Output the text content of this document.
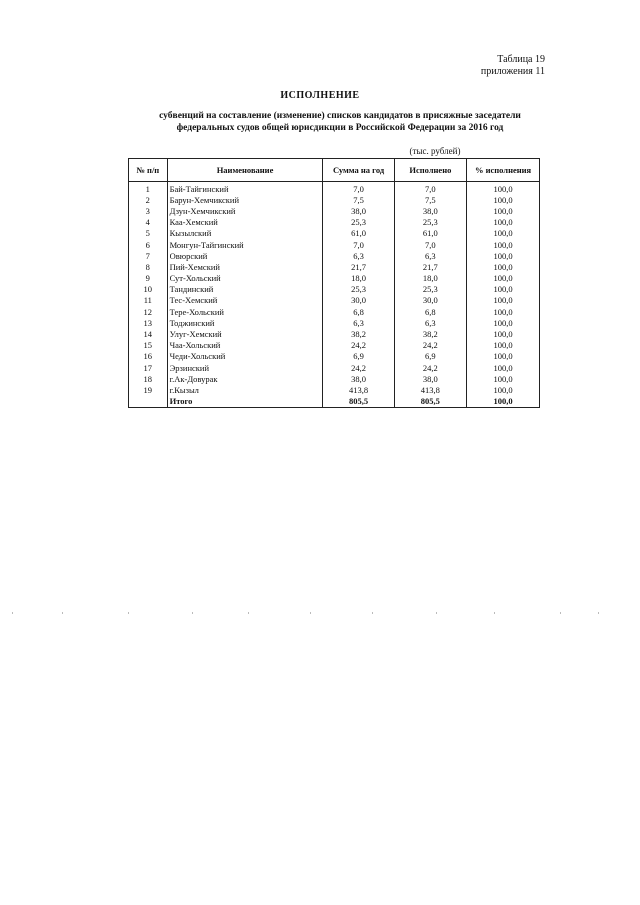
Таблица 19
приложения 11
ИСПОЛНЕНИЕ
субвенций на составление (изменение) списков кандидатов в присяжные заседатели
федеральных судов общей юрисдикции в Российской Федерации за 2016 год
(тыс. рублей)
№ п/п	Наименование	Сумма на год	Исполнено	% исполнения
1	Бай-Тайгинский	7,0	7,0	100,0
2	Барун-Хемчикский	7,5	7,5	100,0
3	Дзун-Хемчикский	38,0	38,0	100,0
4	Каа-Хемский	25,3	25,3	100,0
5	Кызылский	61,0	61,0	100,0
6	Монгун-Тайгинский	7,0	7,0	100,0
7	Овюрский	6,3	6,3	100,0
8	Пий-Хемский	21,7	21,7	100,0
9	Сут-Хольский	18,0	18,0	100,0
10	Тандинский	25,3	25,3	100,0
11	Тес-Хемский	30,0	30,0	100,0
12	Тере-Хольский	6,8	6,8	100,0
13	Тоджинский	6,3	6,3	100,0
14	Улуг-Хемский	38,2	38,2	100,0
15	Чаа-Хольский	24,2	24,2	100,0
16	Чеди-Хольский	6,9	6,9	100,0
17	Эрзинский	24,2	24,2	100,0
18	г.Ак-Довурак	38,0	38,0	100,0
19	г.Кызыл	413,8	413,8	100,0
	Итого	805,5	805,5	100,0
